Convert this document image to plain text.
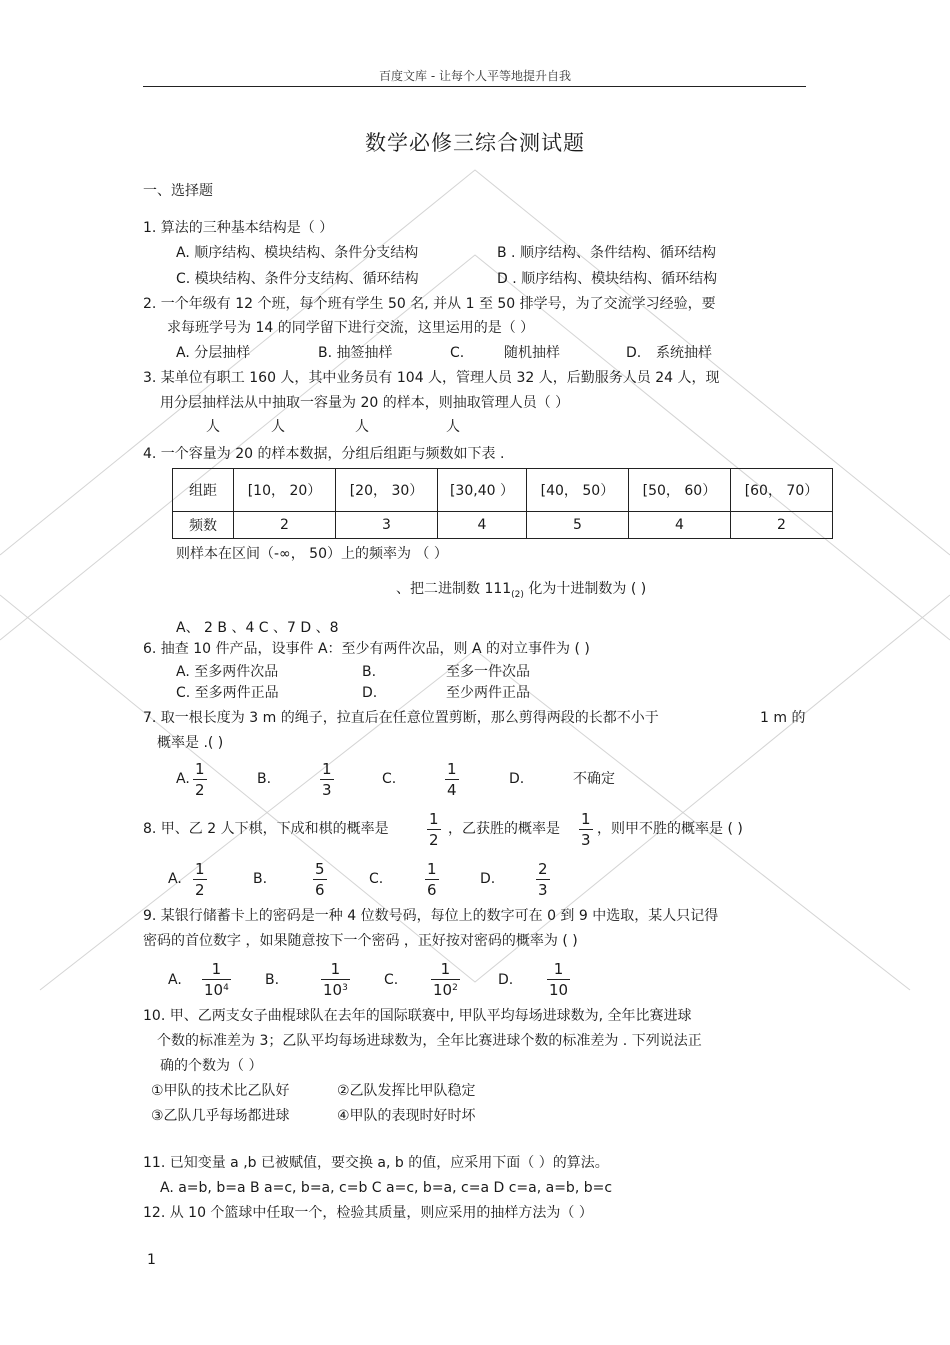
百度文库 - 让每个人平等地提升自我
数学必修三综合测试题
一、选择题
1. 算法的三种基本结构是（ ）
A. 顺序结构、模块结构、条件分支结构	B . 顺序结构、条件结构、循环结构
C. 模块结构、条件分支结构、循环结构	D . 顺序结构、模块结构、循环结构
2. 一个年级有 12 个班，每个班有学生 50 名, 并从 1 至 50 排学号，为了交流学习经验，要
求每班学号为 14 的同学留下进行交流，这里运用的是（ ）
A. 分层抽样	B. 抽签抽样	C.	随机抽样	D. 系统抽样
3. 某单位有职工 160 人，其中业务员有 104 人，管理人员 32 人，后勤服务人员 24 人，现
用分层抽样法从中抽取一容量为 20 的样本，则抽取管理人员（ ）
人	人	人	人
4. 一个容量为 20 的样本数据，分组后组距与频数如下表 .
组距	[10， 20）	[20， 30）	[30,40 ）	[40， 50）	[50， 60）	[60， 70）
频数	2	3	4	5	4	2
则样本在区间（-∞， 50）上的频率为 （ ）
、把二进制数 $111_{(2)}$ 化为十进制数为 ( )
A、 2 B 、4 C 、7 D 、8
6. 抽查 10 件产品，设事件 A：至少有两件次品，则 A 的对立事件为 ( )
A. 至多两件次品	B.	至多一件次品
C. 至多两件正品	D.	至少两件正品
7. 取一根长度为 3 m 的绳子，拉直后在任意位置剪断，那么剪得两段的长都不小于	1 m 的
概率是 .( )
A.
1
2
B.
1
3
C.
1
4
D.	不确定
8. 甲、乙 2 人下棋，下成和棋的概率是
1
2
，乙获胜的概率是
1
3
，则甲不胜的概率是 ( )
A.
1
2
B.
5
6
C.
1
6
D.
2
3
9. 某银行储蓄卡上的密码是一种 4 位数号码，每位上的数字可在 0 到 9 中选取，某人只记得
密码的首位数字 ，如果随意按下一个密码 ，正好按对密码的概率为 ( )
A.
1
$10^4$	B.
1
$10^3$	C.
1
$10^2$	D.
1
10
10. 甲、乙两支女子曲棍球队在去年的国际联赛中, 甲队平均每场进球数为, 全年比赛进球
个数的标准差为 3；乙队平均每场进球数为，全年比赛进球个数的标准差为 . 下列说法正
确的个数为（ ）
①甲队的技术比乙队好	②乙队发挥比甲队稳定
③乙队几乎每场都进球	④甲队的表现时好时坏
11. 已知变量 a ,b 已被赋值，要交换 a, b 的值，应采用下面（ ）的算法。
A. a=b, b=a B a=c, b=a, c=b C a=c, b=a, c=a D c=a, a=b, b=c
12. 从 10 个篮球中任取一个，检验其质量，则应采用的抽样方法为（ ）
1
